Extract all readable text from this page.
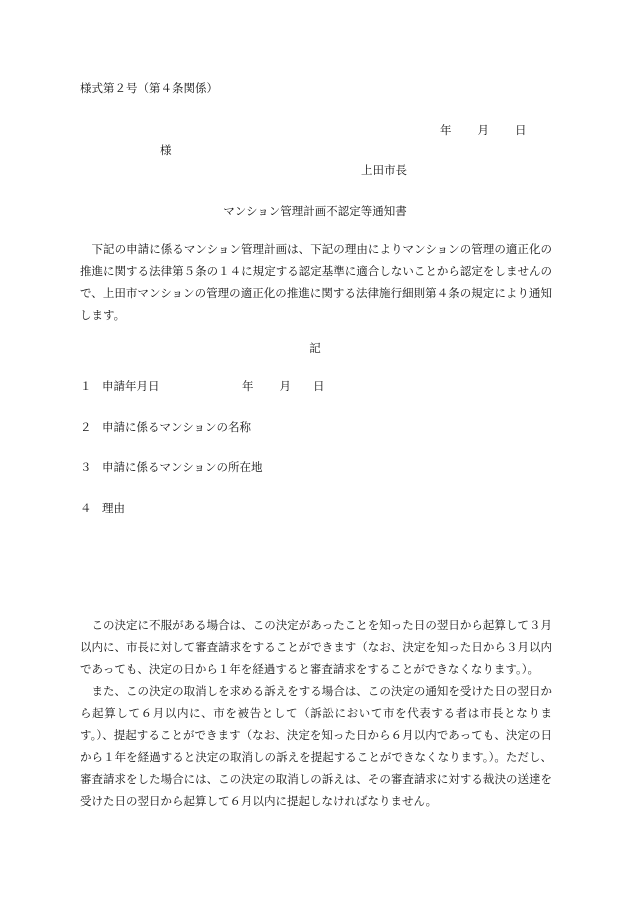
様式第２号（第４条関係）
年 月 日
様
上田市長
マンション管理計画不認定等通知書
下記の申請に係るマンション管理計画は、下記の理由によりマンションの管理の適正化の推進に関する法律第５条の１４に規定する認定基準に適合しないことから認定をしませんので、上田市マンションの管理の適正化の推進に関する法律施行細則第４条の規定により通知します。
記
１ 申請年月日	年 月 日
２ 申請に係るマンションの名称
３ 申請に係るマンションの所在地
４ 理由

この決定に不服がある場合は、この決定があったことを知った日の翌日から起算して３月以内に、市長に対して審査請求をすることができます（なお、決定を知った日から３月以内であっても、決定の日から１年を経過すると審査請求をすることができなくなります。）。

また、この決定の取消しを求める訴えをする場合は、この決定の通知を受けた日の翌日から起算して６月以内に、市を被告として（訴訟において市を代表する者は市長となります。）、提起することができます（なお、決定を知った日から６月以内であっても、決定の日から１年を経過すると決定の取消しの訴えを提起することができなくなります。）。ただし、審査請求をした場合には、この決定の取消しの訴えは、その審査請求に対する裁決の送達を受けた日の翌日から起算して６月以内に提起しなければなりません。
